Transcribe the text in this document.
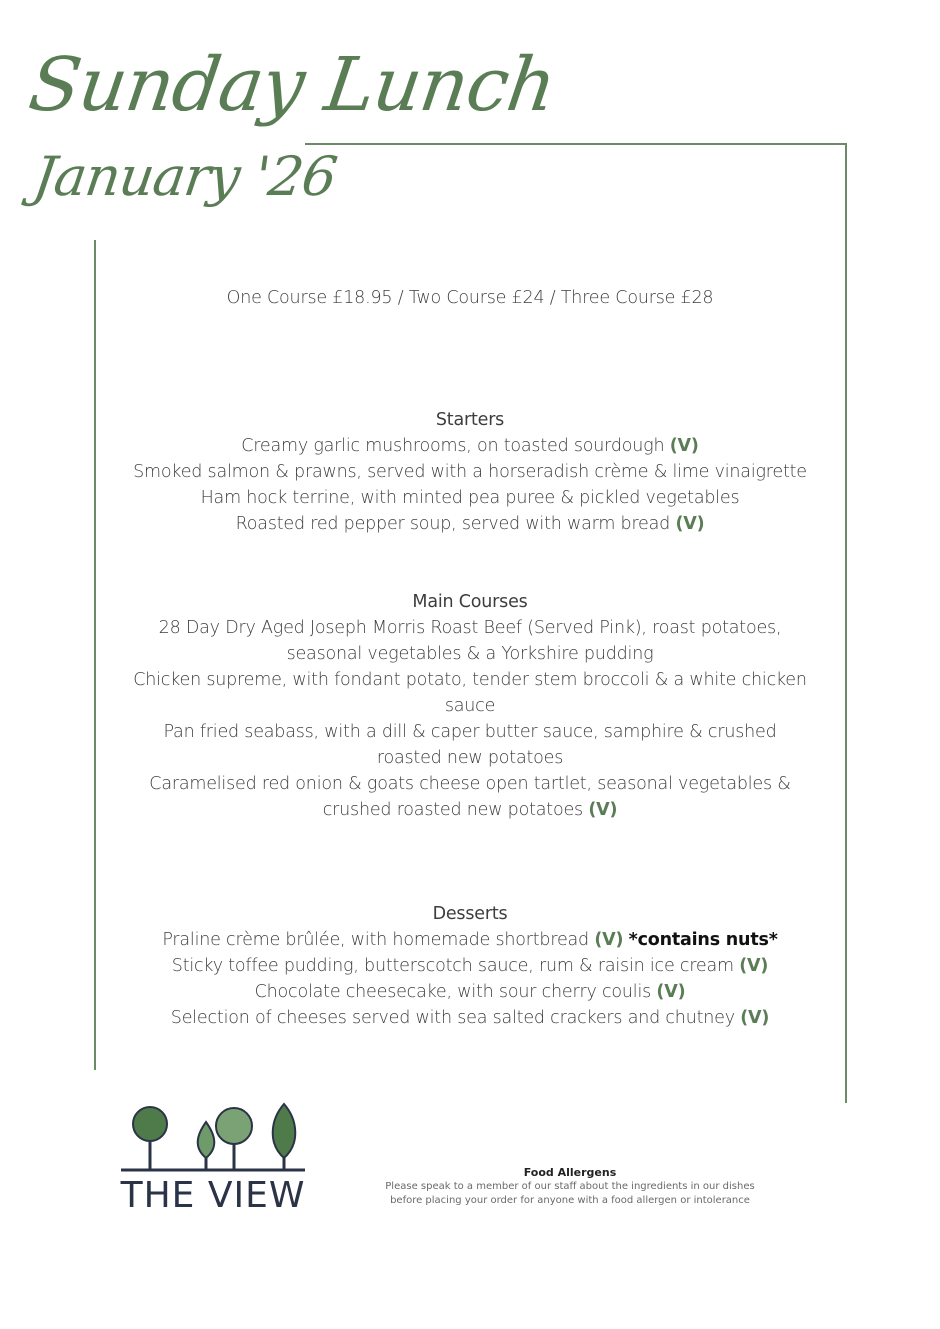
Sunday Lunch
January '26

One Course £18.95 / Two Course £24 / Three Course £28

Starters

Creamy garlic mushrooms, on toasted sourdough (V)

Smoked salmon & prawns, served with a horseradish crème & lime vinaigrette

Ham hock terrine, with minted pea puree & pickled vegetables

Roasted red pepper soup, served with warm bread (V)

Main Courses

28 Day Dry Aged Joseph Morris Roast Beef (Served Pink), roast potatoes,
seasonal vegetables & a Yorkshire pudding

Chicken supreme, with fondant potato, tender stem broccoli & a white chicken
sauce

Pan fried seabass, with a dill & caper butter sauce, samphire & crushed
roasted new potatoes

Caramelised red onion & goats cheese open tartlet, seasonal vegetables &
crushed roasted new potatoes (V)

Desserts

Praline crème brûlée, with homemade shortbread (V) *contains nuts*

Sticky toffee pudding, butterscotch sauce, rum & raisin ice cream (V)

Chocolate cheesecake, with sour cherry coulis (V)

Selection of cheeses served with sea salted crackers and chutney (V)

THE VIEW

Food Allergens

Please speak to a member of our staff about the ingredients in our dishes

before placing your order for anyone with a food allergen or intolerance
